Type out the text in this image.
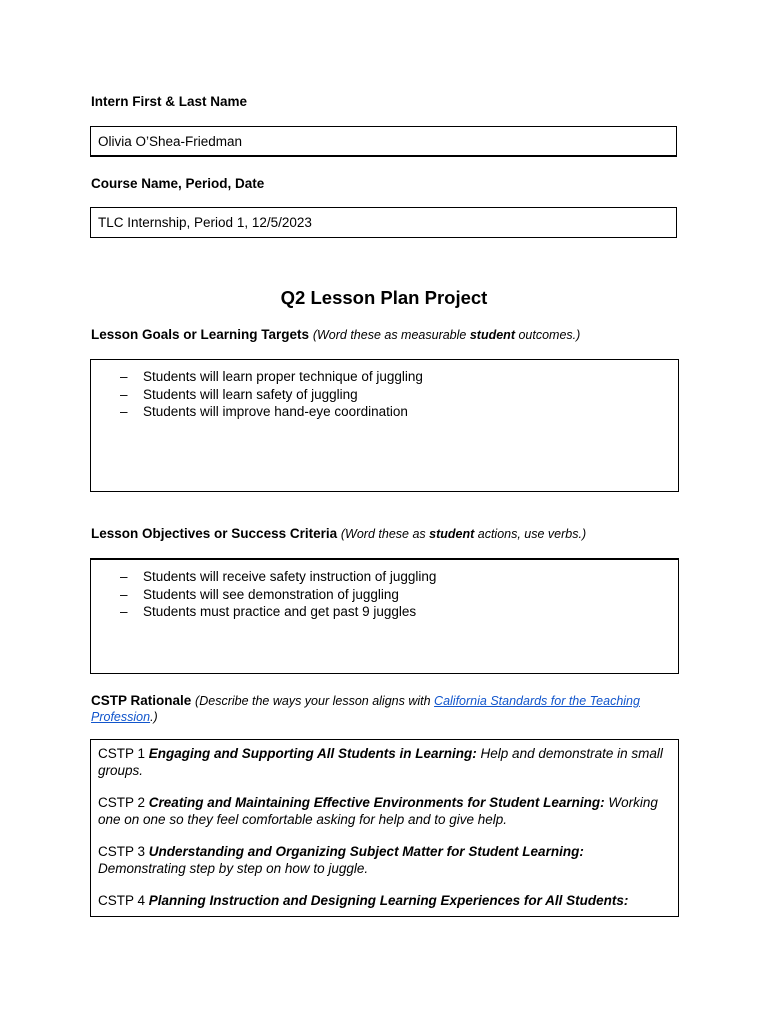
Intern First & Last Name
Olivia O’Shea-Friedman
Course Name, Period, Date
TLC Internship, Period 1, 12/5/2023
Q2 Lesson Plan Project
Lesson Goals or Learning Targets (Word these as measurable student outcomes.)
– Students will learn proper technique of juggling
– Students will learn safety of juggling
– Students will improve hand-eye coordination
Lesson Objectives or Success Criteria (Word these as student actions, use verbs.)
– Students will receive safety instruction of juggling
– Students will see demonstration of juggling
– Students must practice and get past 9 juggles
CSTP Rationale (Describe the ways your lesson aligns with California Standards for the Teaching Profession.)
CSTP 1 Engaging and Supporting All Students in Learning: Help and demonstrate in small groups.
CSTP 2 Creating and Maintaining Effective Environments for Student Learning: Working one on one so they feel comfortable asking for help and to give help.
CSTP 3 Understanding and Organizing Subject Matter for Student Learning: Demonstrating step by step on how to juggle.
CSTP 4 Planning Instruction and Designing Learning Experiences for All Students:
